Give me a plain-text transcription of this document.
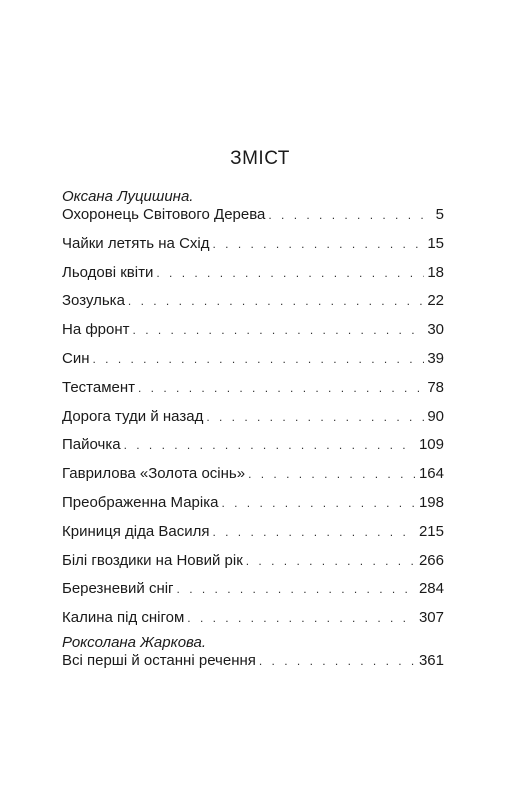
ЗМІСТ
Оксана Луцишина.
Охоронець Світового Дерева . . .	5
Чайки летять на Схід . . .	15
Льодові квіти . . .	18
Зозулька . . .	22
На фронт . . .	30
Син . . .	39
Тестамент . . .	78
Дорога туди й назад . . .	90
Пайочка . . .	109
Гаврилова «Золота осінь» . . .	164
Преображенна Маріка . . .	198
Криниця діда Василя . . .	215
Білі гвоздики на Новий рік . . .	266
Березневий сніг . . .	284
Калина під снігом . . .	307
Роксолана Жаркова.
Всі перші й останні речення . . .	361
